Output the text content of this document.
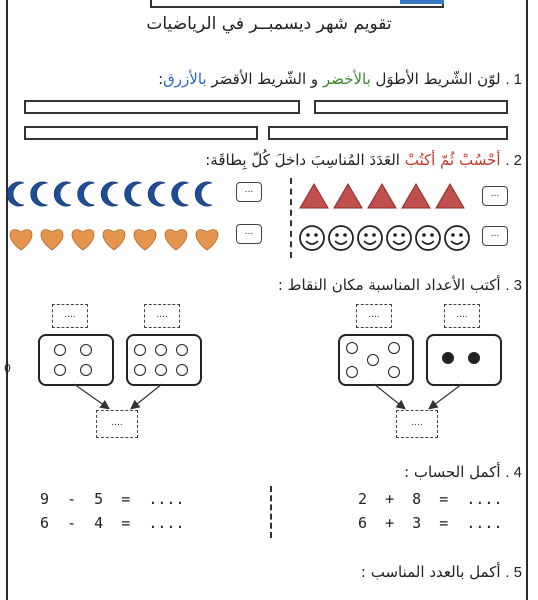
تقويم شهر ديسمبــر في الرياضيات
1 . لوّن الشّريط الأطوَل بالأخضر و الشّريط الأقصَر بالأزرق:
2 . أحْسُبْ ثُمّ أكتُبْ العَدَدَ المُناسِبَ داخلَ كُلّ بِطاقَة:
...
...
...
...
3 . أكتب الأعداد المناسبة مكان النقاط :
0
....	....	....	....
....	....
4 . أكمل الحساب :
9  -  5  =  ....
6  -  4  =  ....
2  +  8  =  ....
6  +  3  =  ....
5 . أكمل بالعدد المناسب :
